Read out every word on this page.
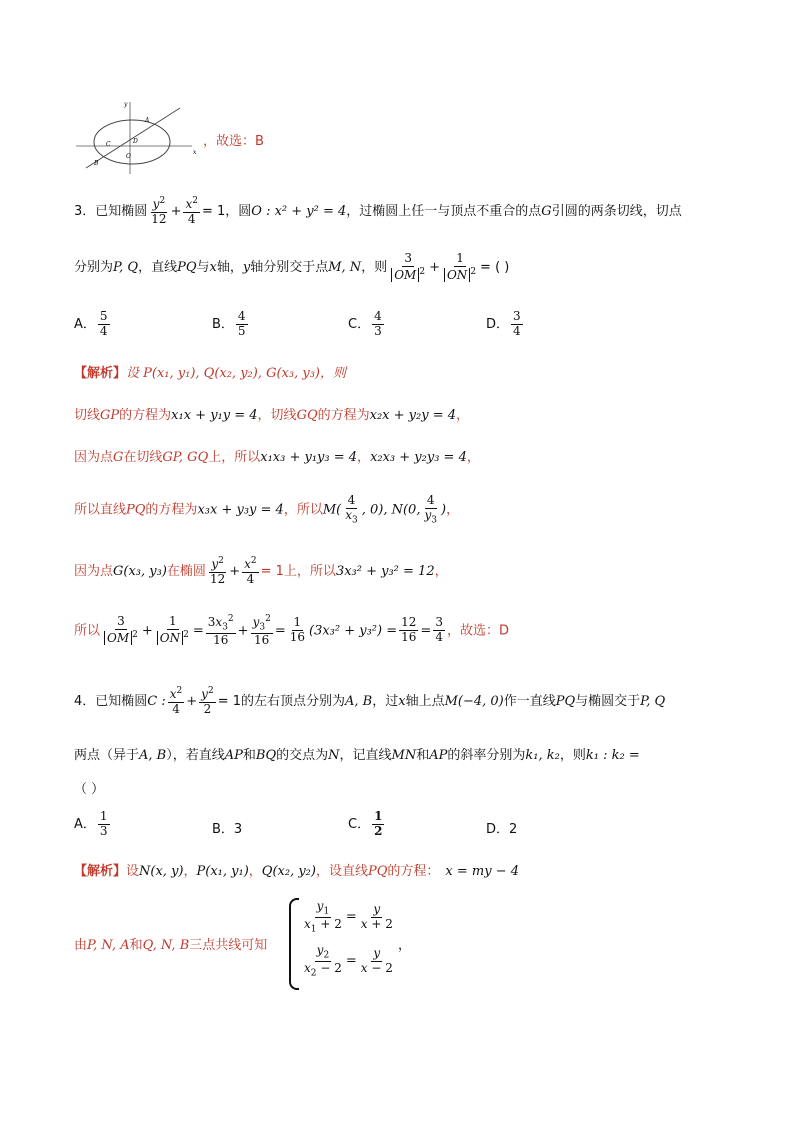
y
x
A
B
C	D
O
，故选：B
3．已知椭圆 $\frac{y^2}{12} + \frac{x^2}{4} = 1$，圆O : x² + y² = 4，过椭圆上任一与顶点不重合的点G引圆的两条切线，切点
分别为P, Q，直线PQ与x轴，y轴分别交于点M, N，则 $\frac{3}{OM ^2} + \frac{1}{ON ^2}$ = ( )
A． $\frac{5}{4}$	B． $\frac{4}{5}$	C． $\frac{4}{3}$	D． $\frac{3}{4}$
【解析】设 P(x₁, y₁), Q(x₂, y₂), G(x₃, y₃)，则
切线GP的方程为x₁x + y₁y = 4，切线GQ的方程为x₂x + y₂y = 4，
因为点G在切线GP, GQ上，所以x₁x₃ + y₁y₃ = 4，x₂x₃ + y₂y₃ = 4，
所以直线PQ的方程为x₃x + y₃y = 4，所以$M( \frac{4}{x_3}$ , 0), N(0, $\frac{4}{y_3}$ )，
因为点G(x₃, y₃)在椭圆 $\frac{y^2}{12} + \frac{x^2}{4} = 1$上，所以3x₃² + y₃² = 12，
所以 $\frac{3}{OM ^2} + \frac{1}{ON ^2} = \frac{3x_3^2}{16} + \frac{y_3^2}{16} = \frac{1}{16} (3x_3^2 + y_3^2) = \frac{12}{16} = \frac{3}{4}$ ，故选：D
4．已知椭圆C : $\frac{x^2}{4} + \frac{y^2}{2} = 1$的左右顶点分别为A, B，过x轴上点M(−4, 0)作一直线PQ与椭圆交于P, Q
两点（异于A, B），若直线AP和BQ的交点为N，记直线MN和AP的斜率分别为k₁, k₂，则k₁ : k₂ =
（ ）
A． $\frac{1}{3}$	B．3	C． $\frac{1}{2}$	D．2
【解析】设N(x, y)，P(x₁, y₁)，Q(x₂, y₂)，设直线PQ的方程： x = my − 4
由P, N, A和Q, N, B三点共线可知
$\frac{y_1}{x_1 + 2} = \frac{y}{x + 2}$
$\frac{y_2}{x_2 - 2} = \frac{y}{x - 2}$
，
